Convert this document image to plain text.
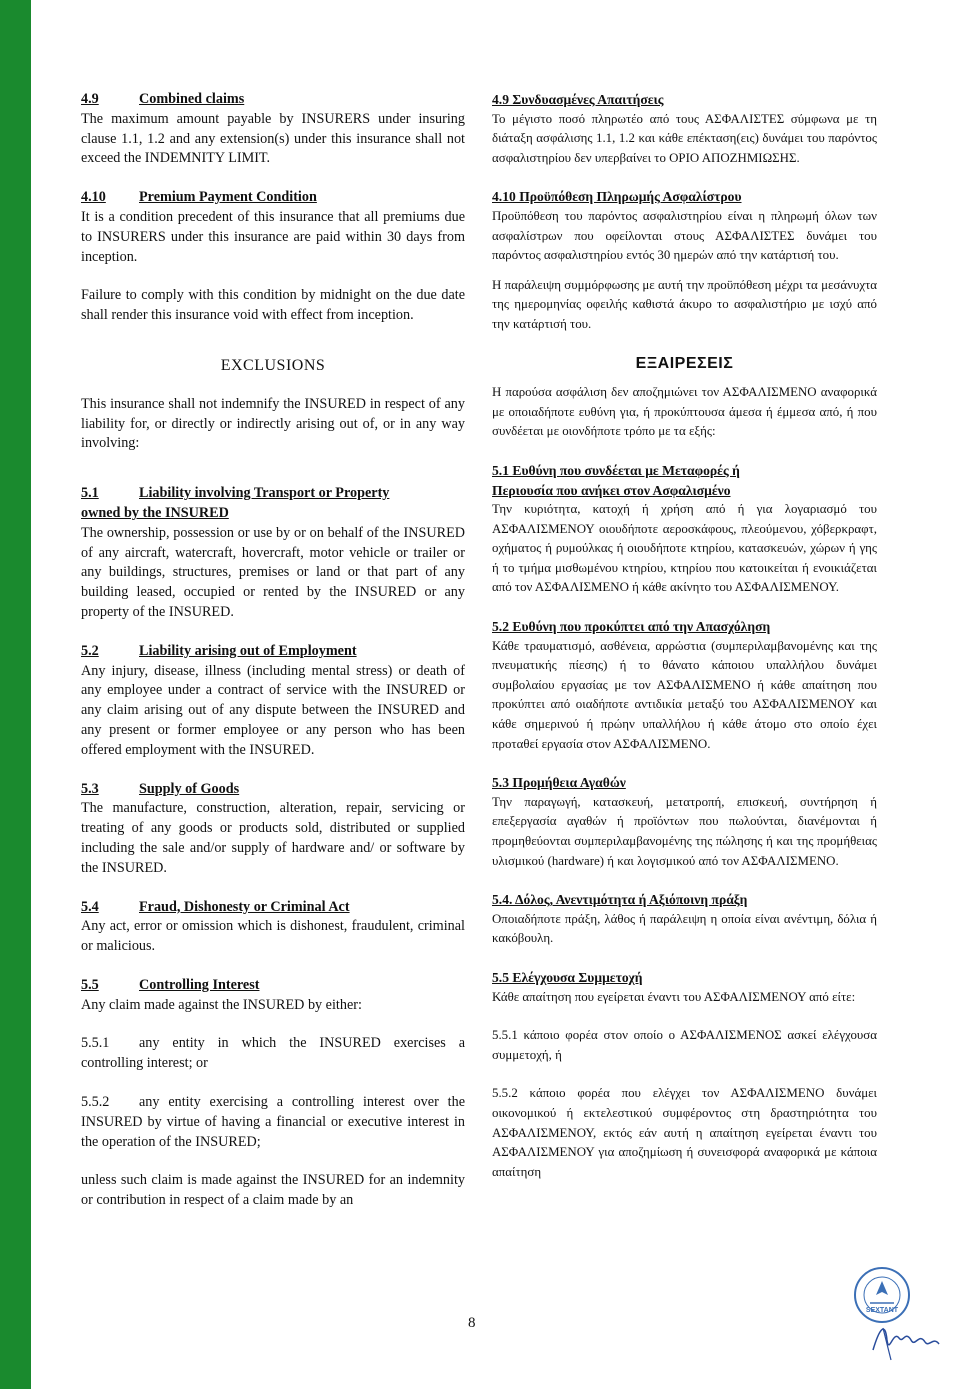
4.9	Combined claims

The maximum amount payable by INSURERS under insuring clause 1.1, 1.2 and any extension(s) under this insurance shall not exceed the INDEMNITY LIMIT.

4.10 Premium Payment Condition

It is a condition precedent of this insurance that all premiums due to INSURERS under this insurance are paid within 30 days from inception.

Failure to comply with this condition by midnight on the due date shall render this insurance void with effect from inception.

EXCLUSIONS

This insurance shall not indemnify the INSURED in respect of any liability for, or directly or indirectly arising out of, or in any way involving:

5.1	Liability involving Transport or Property

owned by the INSURED

The ownership, possession or use by or on behalf of the INSURED of any aircraft, watercraft, hovercraft, motor vehicle or trailer or any buildings, structures, premises or land or that part of any building leased, occupied or rented by the INSURED or any property of the INSURED.

5.2	Liability arising out of Employment

Any injury, disease, illness (including mental stress) or death of any employee under a contract of service with the INSURED or any claim arising out of any dispute between the INSURED and any present or former employee or any person who has been offered employment with the INSURED.

5.3	Supply of Goods

The manufacture, construction, alteration, repair, servicing or treating of any goods or products sold, distributed or supplied including the sale and/or supply of hardware and/ or software by the INSURED.

5.4	Fraud, Dishonesty or Criminal Act

Any act, error or omission which is dishonest, fraudulent, criminal or malicious.

5.5	Controlling Interest

Any claim made against the INSURED by either:

5.5.1 any entity in which the INSURED exercises a controlling interest; or

5.5.2 any entity exercising a controlling interest over the INSURED by virtue of having a financial or executive interest in the operation of the INSURED;

unless such claim is made against the INSURED for an indemnity or contribution in respect of a claim made by an

4.9 Συνδυασμένες Απαιτήσεις

Το μέγιστο ποσό πληρωτέο από τους ΑΣΦΑΛΙΣΤΕΣ σύμφωνα με τη διάταξη ασφάλισης 1.1, 1.2 και κάθε επέκταση(εις) δυνάμει του παρόντος ασφαλιστηρίου δεν υπερβαίνει το ΟΡΙΟ ΑΠΟΖΗΜΙΩΣΗΣ.

4.10 Προϋπόθεση Πληρωμής Ασφαλίστρου

Προϋπόθεση του παρόντος ασφαλιστηρίου είναι η πληρωμή όλων των ασφαλίστρων που οφείλονται στους ΑΣΦΑΛΙΣΤΕΣ δυνάμει του παρόντος ασφαλιστηρίου εντός 30 ημερών από την κατάρτισή του.

Η παράλειψη συμμόρφωσης με αυτή την προϋπόθεση μέχρι τα μεσάνυχτα της ημερομηνίας οφειλής καθιστά άκυρο το ασφαλιστήριο με ισχύ από την κατάρτισή του.

ΕΞΑΙΡΕΣΕΙΣ

Η παρούσα ασφάλιση δεν αποζημιώνει τον ΑΣΦΑΛΙΣΜΕΝΟ αναφορικά με οποιαδήποτε ευθύνη για, ή προκύπτουσα άμεσα ή έμμεσα από, ή που συνδέεται με οιονδήποτε τρόπο με τα εξής:

5.1 Ευθύνη που συνδέεται με Μεταφορές ή

Περιουσία που ανήκει στον Ασφαλισμένο

Την κυριότητα, κατοχή ή χρήση από ή για λογαριασμό του ΑΣΦΑΛΙΣΜΕΝΟΥ οιουδήποτε αεροσκάφους, πλεούμενου, χόβερκραφτ, οχήματος ή ρυμούλκας ή οιουδήποτε κτηρίου, κατασκευών, χώρων ή γης ή το τμήμα μισθωμένου κτηρίου, κτηρίου που κατοικείται ή ενοικιάζεται από τον ΑΣΦΑΛΙΣΜΕΝΟ ή κάθε ακίνητο του ΑΣΦΑΛΙΣΜΕΝΟΥ.

5.2 Ευθύνη που προκύπτει από την Απασχόληση

Κάθε τραυματισμό, ασθένεια, αρρώστια (συμπεριλαμβανομένης και της πνευματικής πίεσης) ή το θάνατο κάποιου υπαλλήλου δυνάμει συμβολαίου εργασίας με τον ΑΣΦΑΛΙΣΜΕΝΟ ή κάθε απαίτηση που προκύπτει από οιαδήποτε αντιδικία μεταξύ του ΑΣΦΑΛΙΣΜΕΝΟΥ και κάθε σημερινού ή πρώην υπαλλήλου ή κάθε άτομο στο οποίο έχει προταθεί εργασία στον ΑΣΦΑΛΙΣΜΕΝΟ.

5.3 Προμήθεια Αγαθών

Την παραγωγή, κατασκευή, μετατροπή, επισκευή, συντήρηση ή επεξεργασία αγαθών ή προϊόντων που πωλούνται, διανέμονται ή προμηθεύονται συμπεριλαμβανομένης της πώλησης ή και της προμήθειας υλισμικού (hardware) ή και λογισμικού από τον ΑΣΦΑΛΙΣΜΕΝΟ.

5.4. Δόλος, Ανεντιμότητα ή Αξιόποινη πράξη

Οποιαδήποτε πράξη, λάθος ή παράλειψη η οποία είναι ανέντιμη, δόλια ή κακόβουλη.

5.5 Ελέγχουσα Συμμετοχή

Κάθε απαίτηση που εγείρεται έναντι του ΑΣΦΑΛΙΣΜΕΝΟΥ από είτε:

5.5.1 κάποιο φορέα στον οποίο ο ΑΣΦΑΛΙΣΜΕΝΟΣ ασκεί ελέγχουσα συμμετοχή, ή

5.5.2 κάποιο φορέα που ελέγχει τον ΑΣΦΑΛΙΣΜΕΝΟ δυνάμει οικονομικού ή εκτελεστικού συμφέροντος στη δραστηριότητα του ΑΣΦΑΛΙΣΜΕΝΟΥ, εκτός εάν αυτή η απαίτηση εγείρεται έναντι του ΑΣΦΑΛΙΣΜΕΝΟΥ για αποζημίωση ή συνεισφορά αναφορικά με κάποια απαίτηση

8
SEXTANT
